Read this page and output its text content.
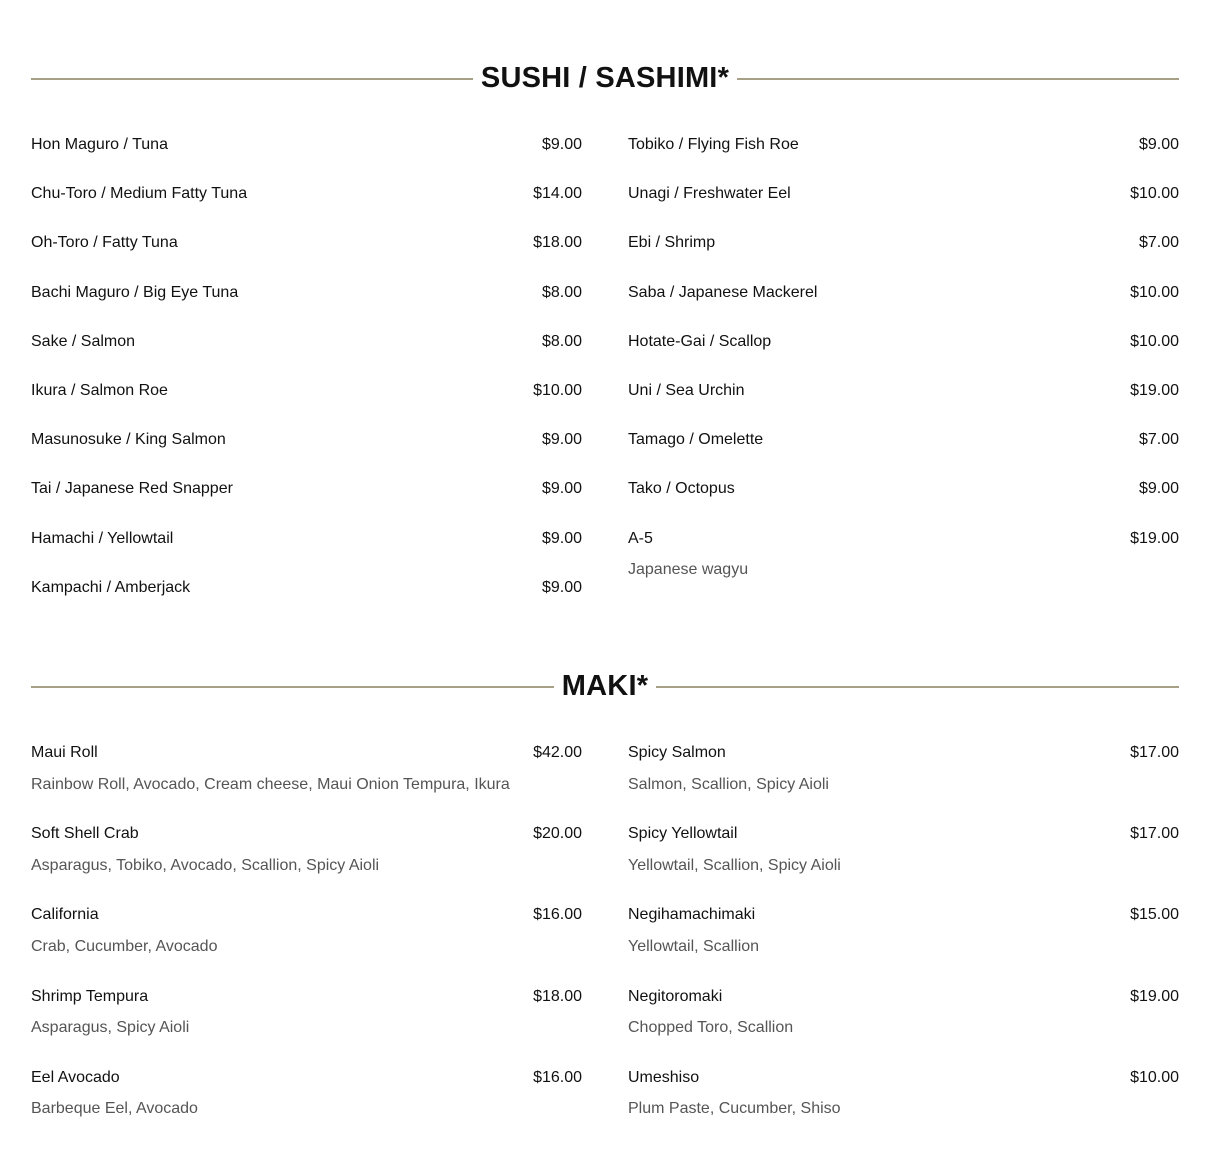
SUSHI / SASHIMI*
Hon Maguro / Tuna	$9.00
Chu-Toro / Medium Fatty Tuna	$14.00
Oh-Toro / Fatty Tuna	$18.00
Bachi Maguro / Big Eye Tuna	$8.00
Sake / Salmon	$8.00
Ikura / Salmon Roe	$10.00
Masunosuke / King Salmon	$9.00
Tai / Japanese Red Snapper	$9.00
Hamachi / Yellowtail	$9.00
Kampachi / Amberjack	$9.00
Tobiko / Flying Fish Roe	$9.00
Unagi / Freshwater Eel	$10.00
Ebi / Shrimp	$7.00
Saba / Japanese Mackerel	$10.00
Hotate-Gai / Scallop	$10.00
Uni / Sea Urchin	$19.00
Tamago / Omelette	$7.00
Tako / Octopus	$9.00
A-5	$19.00
Japanese wagyu
MAKI*
Maui Roll	$42.00
Rainbow Roll, Avocado, Cream cheese, Maui Onion Tempura, Ikura
Soft Shell Crab	$20.00
Asparagus, Tobiko, Avocado, Scallion, Spicy Aioli
California	$16.00
Crab, Cucumber, Avocado
Shrimp Tempura	$18.00
Asparagus, Spicy Aioli
Eel Avocado	$16.00
Barbeque Eel, Avocado
Spicy Salmon	$17.00
Salmon, Scallion, Spicy Aioli
Spicy Yellowtail	$17.00
Yellowtail, Scallion, Spicy Aioli
Negihamachimaki	$15.00
Yellowtail, Scallion
Negitoromaki	$19.00
Chopped Toro, Scallion
Umeshiso	$10.00
Plum Paste, Cucumber, Shiso
